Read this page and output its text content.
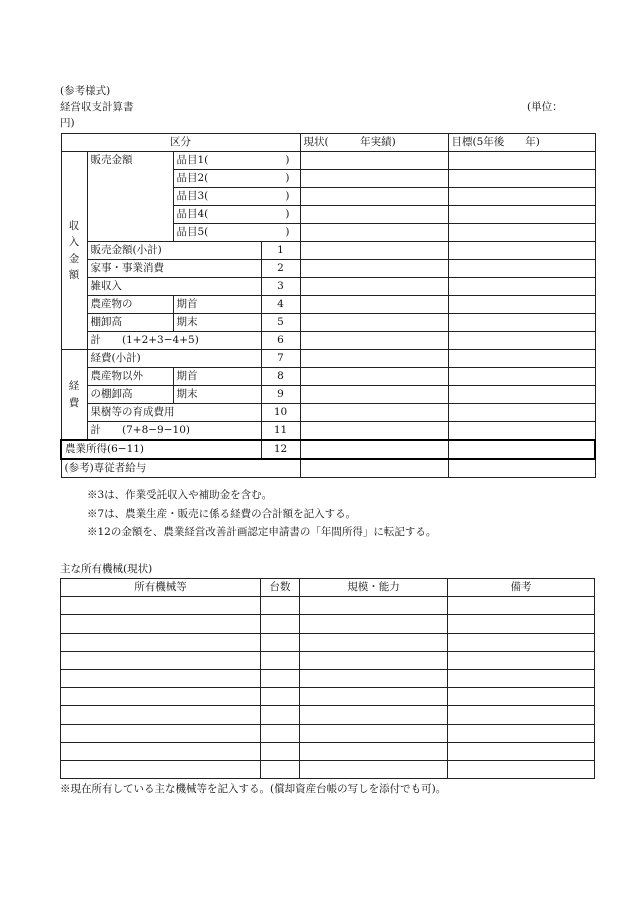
(参考様式)
経営収支計算書	(単位：
円)
区分				現状(　　　年実績)	目標(5年後　　年)
収
入
金
額	販売金額	品目1( )			

		品目2( )			

		品目3( )			

		品目4( )			

		品目5( )			

	販売金額(小計)		1		
	家事・事業消費		2		
	雑収入		3		
	農産物の	期首	4		
	棚卸高	期末	5		
	計　　(1+2+3−4+5)		6		
経
費	経費(小計)		7		
	農産物以外	期首	8		
	の棚卸高	期末	9		
	果樹等の育成費用		10		
	計　　(7+8−9−10)		11		
農業所得(6−11)			12		
(参考)専従者給与					
※3は、作業受託収入や補助金を含む。
※7は、農業生産・販売に係る経費の合計額を記入する。
※12の金額を、農業経営改善計画認定申請書の「年間所得」に転記する。
主な所有機械(現状)
所有機械等	台数	規模・能力	備考

※現在所有している主な機械等を記入する。(償却資産台帳の写しを添付でも可)。
